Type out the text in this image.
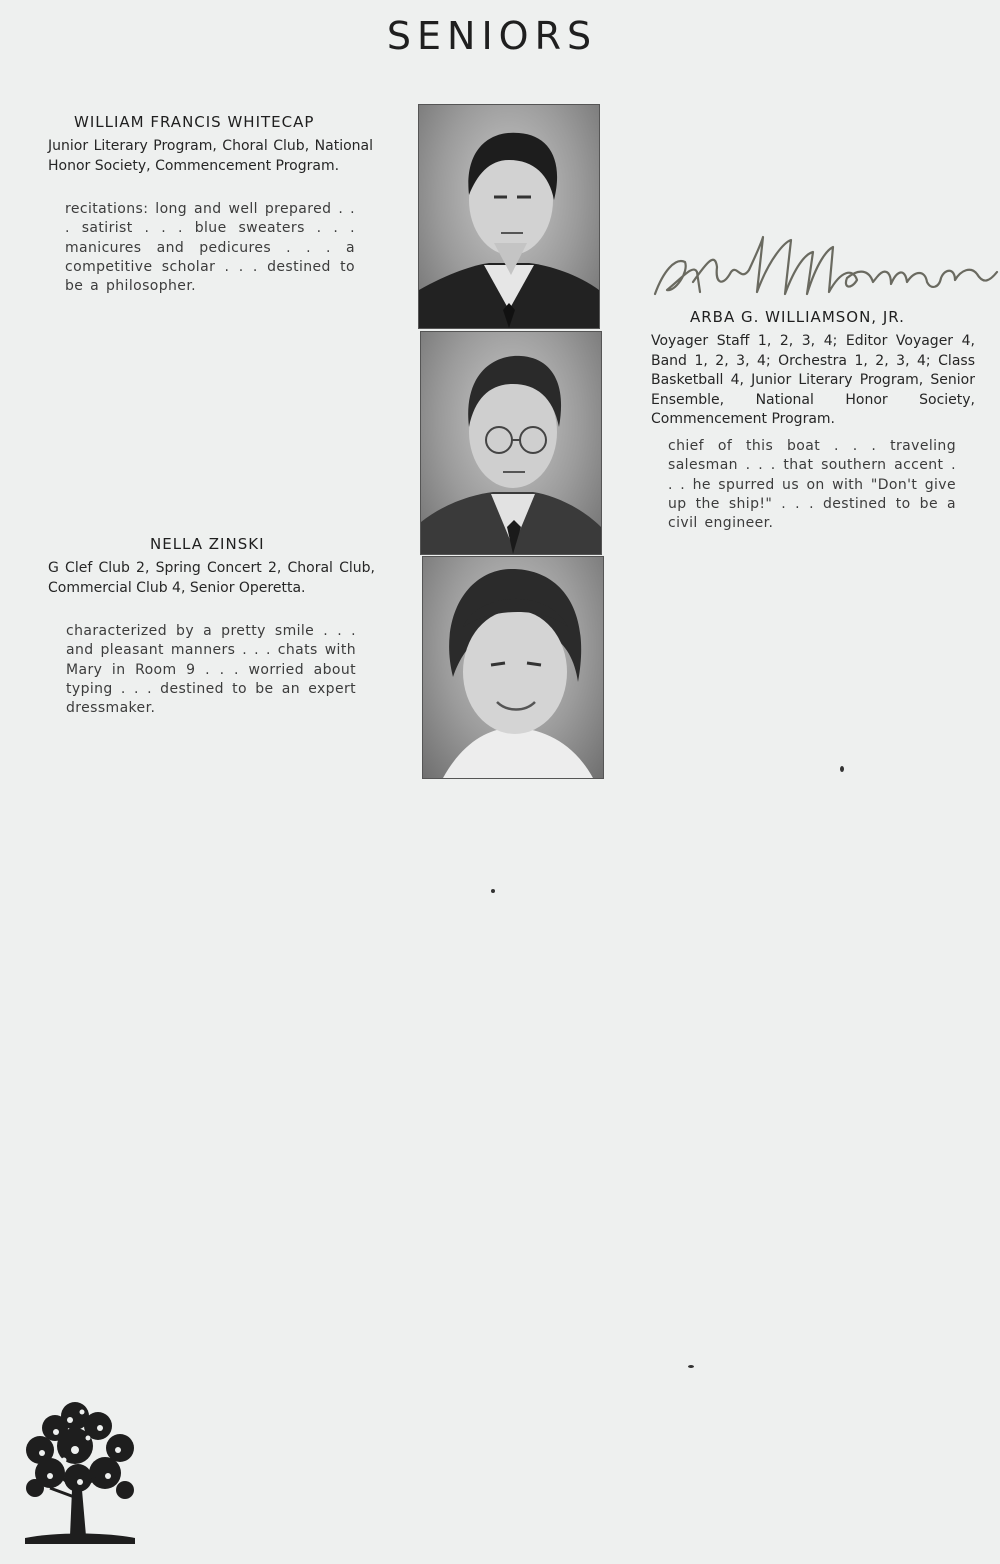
SENIORS
WILLIAM FRANCIS WHITECAP
Junior Literary Program, Choral Club, National Honor Society, Commencement Program.
recitations: long and well prepared . . . satirist . . . blue sweaters . . . manicures and pedicures . . . a competitive scholar . . . destined to be a philosopher.
ARBA G. WILLIAMSON, JR.
Voyager Staff 1, 2, 3, 4; Editor Voyager 4, Band 1, 2, 3, 4; Orchestra 1, 2, 3, 4; Class Basketball 4, Junior Literary Program, Senior Ensemble, National Honor Society, Commencement Program.
chief of this boat . . . traveling salesman . . . that southern accent . . . he spurred us on with "Don't give up the ship!" . . . destined to be a civil engineer.
NELLA ZINSKI
G Clef Club 2, Spring Concert 2, Choral Club, Commercial Club 4, Senior Operetta.
characterized by a pretty smile . . . and pleasant manners . . . chats with Mary in Room 9 . . . worried about typing . . . destined to be an expert dressmaker.
